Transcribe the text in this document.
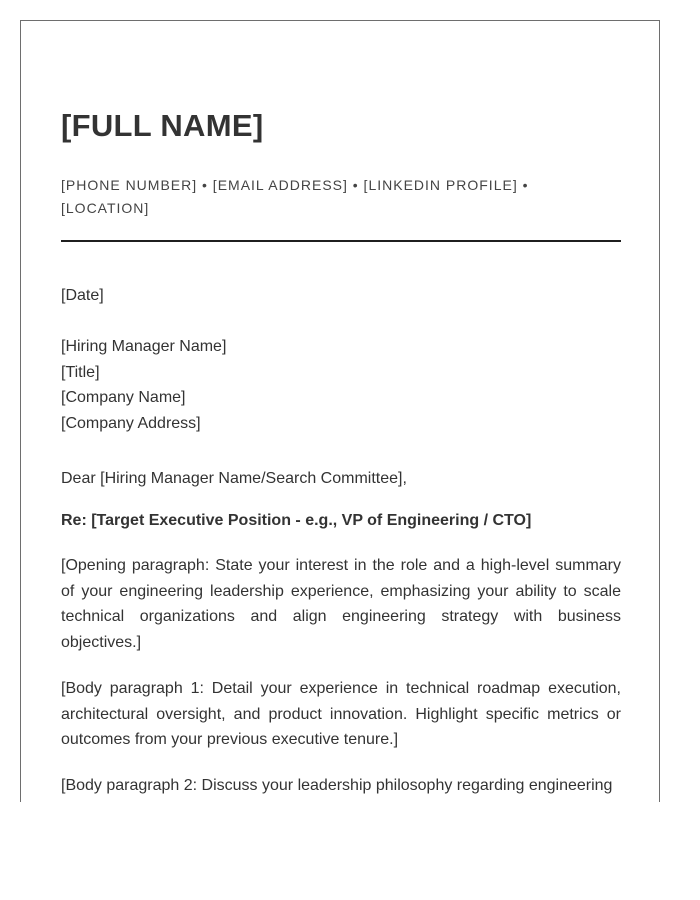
[FULL NAME]
[PHONE NUMBER] • [EMAIL ADDRESS] • [LINKEDIN PROFILE] • [LOCATION]
[Date]
[Hiring Manager Name]
[Title]
[Company Name]
[Company Address]
Dear [Hiring Manager Name/Search Committee],
Re: [Target Executive Position - e.g., VP of Engineering / CTO]

[Opening paragraph: State your interest in the role and a high-level summary of your engineering leadership experience, emphasizing your ability to scale technical organizations and align engineering strategy with business objectives.]

[Body paragraph 1: Detail your experience in technical roadmap execution, architectural oversight, and product innovation. Highlight specific metrics or outcomes from your previous executive tenure.]

[Body paragraph 2: Discuss your leadership philosophy regarding engineering
